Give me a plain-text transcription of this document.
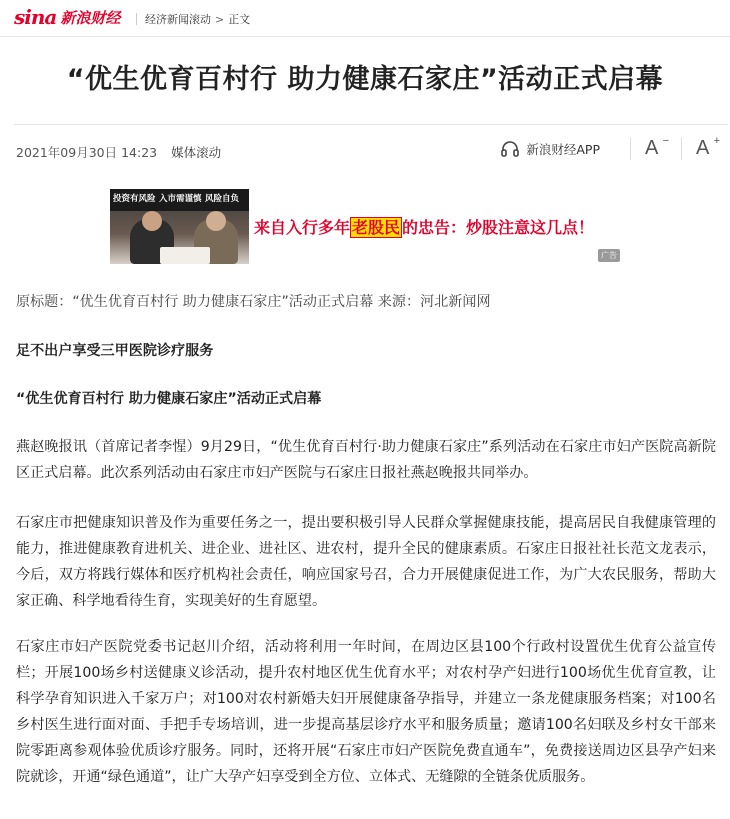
sina 新浪财经 经济新闻滚动 > 正文
“优生优育百村行 助力健康石家庄”活动正式启幕
2021年09月30日 14:23 媒体滚动	新浪财经APP A − A +
投资有风险 入市需谨慎 风险自负
来自入行多年 老股民 的忠告：炒股注意这几点！
广告
原标题：“优生优育百村行 助力健康石家庄”活动正式启幕 来源：河北新闻网
足不出户享受三甲医院诊疗服务
“优生优育百村行 助力健康石家庄”活动正式启幕
燕赵晚报讯（首席记者李惺）9月29日，“优生优育百村行·助力健康石家庄”系列活动在石家庄市妇产医院高新院区正式启幕。此次系列活动由石家庄市妇产医院与石家庄日报社燕赵晚报共同举办。
石家庄市把健康知识普及作为重要任务之一，提出要积极引导人民群众掌握健康技能，提高居民自我健康管理的能力，推进健康教育进机关、进企业、进社区、进农村，提升全民的健康素质。石家庄日报社社长范文龙表示，今后，双方将践行媒体和医疗机构社会责任，响应国家号召，合力开展健康促进工作，为广大农民服务，帮助大家正确、科学地看待生育，实现美好的生育愿望。
石家庄市妇产医院党委书记赵川介绍，活动将利用一年时间，在周边区县100个行政村设置优生优育公益宣传栏；开展100场乡村送健康义诊活动，提升农村地区优生优育水平；对农村孕产妇进行100场优生优育宣教，让科学孕育知识进入千家万户；对100对农村新婚夫妇开展健康备孕指导，并建立一条龙健康服务档案；对100名乡村医生进行面对面、手把手专场培训，进一步提高基层诊疗水平和服务质量；邀请100名妇联及乡村女干部来院零距离参观体验优质诊疗服务。同时，还将开展“石家庄市妇产医院免费直通车”，免费接送周边区县孕产妇来院就诊，开通“绿色通道”，让广大孕产妇享受到全方位、立体式、无缝隙的全链条优质服务。
